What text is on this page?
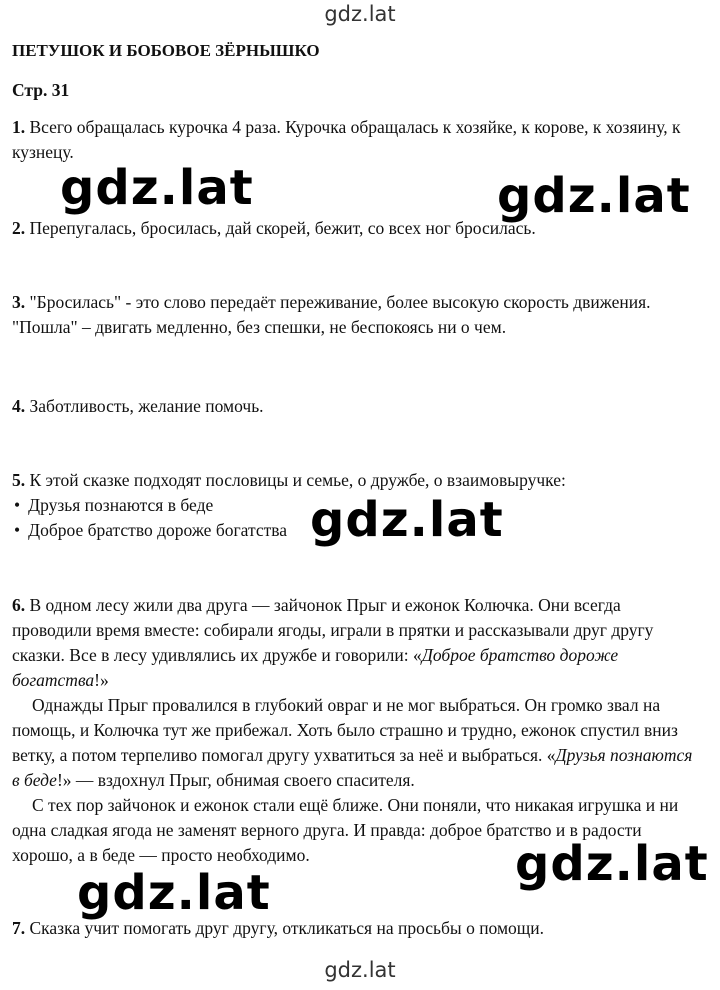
gdz.lat
ПЕТУШОК И БОБОВОЕ ЗЁРНЫШКО
Стр. 31
1. Всего обращалась курочка 4 раза. Курочка обращалась к хозяйке, к корове, к хозяину, к кузнецу.
2. Перепугалась, бросилась, дай скорей, бежит, со всех ног бросилась.
3. "Бросилась" - это слово передаёт переживание, более высокую скорость движения.
"Пошла" – двигать медленно, без спешки, не беспокоясь ни о чем.
4. Заботливость, желание помочь.
5. К этой сказке подходят пословицы и семье, о дружбе, о взаимовыручке:
• Друзья познаются в беде
• Доброе братство дороже богатства

6. В одном лесу жили два друга — зайчонок Прыг и ежонок Колючка. Они всегда проводили время вместе: собирали ягоды, играли в прятки и рассказывали друг другу сказки. Все в лесу удивлялись их дружбе и говорили: «Доброе братство дороже богатства!»

Однажды Прыг провалился в глубокий овраг и не мог выбраться. Он громко звал на помощь, и Колючка тут же прибежал. Хоть было страшно и трудно, ежонок спустил вниз ветку, а потом терпеливо помогал другу ухватиться за неё и выбраться. «Друзья познаются в беде!» — вздохнул Прыг, обнимая своего спасителя.

С тех пор зайчонок и ежонок стали ещё ближе. Они поняли, что никакая игрушка и ни одна сладкая ягода не заменят верного друга. И правда: доброе братство и в радости хорошо, а в беде — просто необходимо.

7. Сказка учит помогать друг другу, откликаться на просьбы о помощи.
gdz.lat	gdz.lat
gdz.lat
gdz.lat
gdz.lat
gdz.lat
